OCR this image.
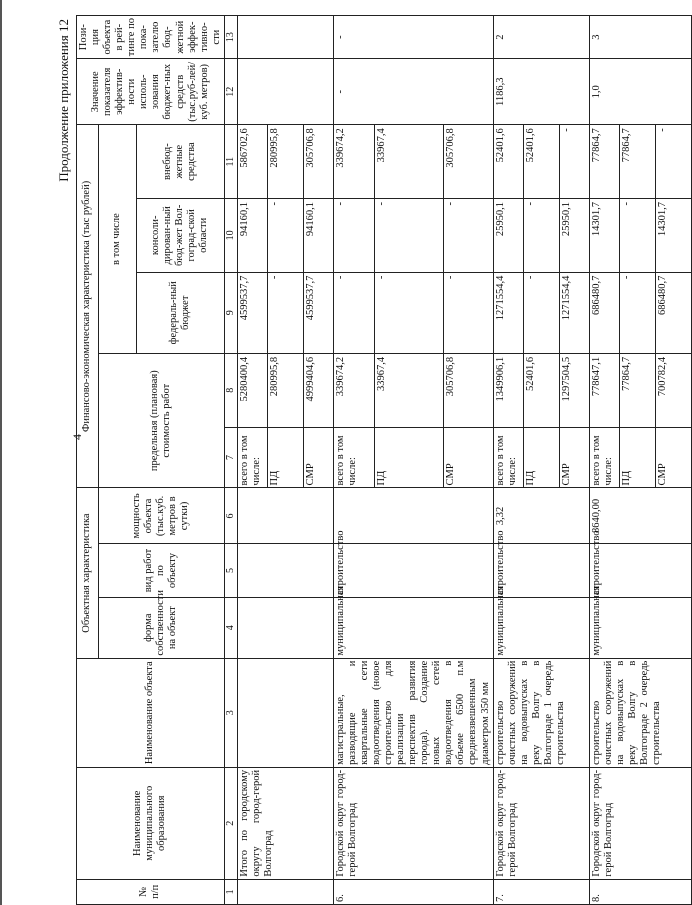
4
Продолжение приложения 12
№ п/п	Наименование муниципального образования	Наименование объекта	Объектная характеристика			Финансово-экономическая характеристика (тыс рублей)					Значение показателя эффектив-ности исполь-зования бюджет-ных средств (тыс.руб-лей/куб. метров)	Пози-ция объекта в рей-тинге по пока-зателю бюд-жетной эффек-тивно-сти
			форма собственности на объект	вид работ по объекту	мощность объекта (тыс.куб. метров в сутки)	предельная (плановая) стоимость работ		в том числе				
								федераль-ный бюджет	консоли-дирован-ный бюд-жет Вол-гоград-ской области	внебюд-жетные средства		
1	2	3	4	5	6	7	8	9	10	11	12	13
	Итого по городскому округу город-герой Волгоград					всего в том числе:	5280400,4	4599537,7	94160,1	586702,6		
						ПД	280995,8	-	-	280995,8		
						СМР	4999404,6	4599537,7	94160,1	305706,8		
6.	Городской округ город-герой Волгоград	магистральные, разводящие и квартальные сети водоотведения (новое строительство для реализации перспектив развития города). Создание новых сетей водоотведения в объеме 6500 п.м средневзвешенным диаметром 350 мм	муниципальная	строительство		всего в том числе:	339674,2	-	-	339674,2	-	-
						ПД	33967,4	-	-	33967,4		
						СМР	305706,8	-	-	305706,8		
7.	Городской округ город-герой Волгоград	строительство очистных сооружений на водовыпусках в реку Волгу в Волгограде 1 очередь строительства	муниципальная	строительство	3,32	всего в том числе:	1349906,1	1271554,4	25950,1	52401,6	1186,3	2
						ПД	52401,6	-	-	52401,6		
						СМР	1297504,5	1271554,4	25950,1	-		
8.	Городской округ город-герой Волгоград	строительство очистных сооружений на водовыпусках в реку Волгу в Волгограде 2 очередь строительства	муниципальная	строительство	8640,00	всего в том числе:	778647,1	686480,7	14301,7	77864,7	1,0	3
						ПД	77864,7	-	-	77864,7		
						СМР	700782,4	686480,7	14301,7	-		
